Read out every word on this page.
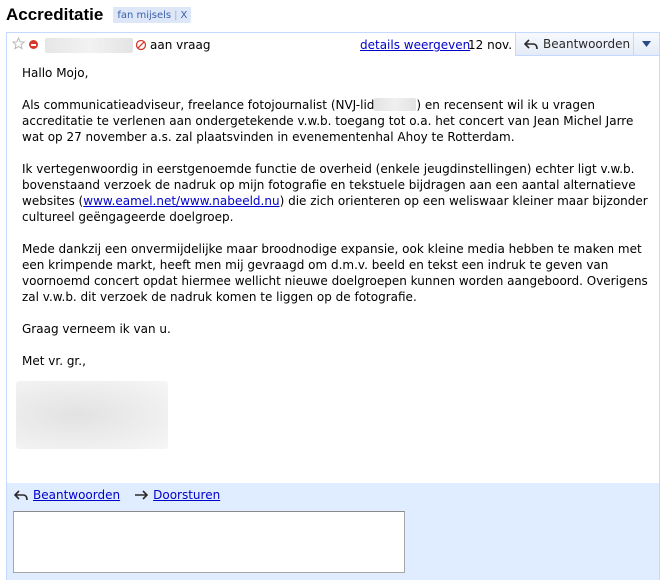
Accreditatie fan mijsels | X
aan vraag	details weergeven
12 nov.	Beantwoorden

Hallo Mojo,

Als communicatieadviseur, freelance fotojournalist (NVJ-lid	) en recensent wil ik u vragen accreditatie te verlenen aan ondergetekende v.w.b. toegang tot o.a. het concert van Jean Michel Jarre wat op 27 november a.s. zal plaatsvinden in evenementenhal Ahoy te Rotterdam.

Ik vertegenwoordig in eerstgenoemde functie de overheid (enkele jeugdinstellingen) echter ligt v.w.b. bovenstaand verzoek de nadruk op mijn fotografie en tekstuele bijdragen aan een aantal alternatieve websites (www.eamel.net/www.nabeeld.nu) die zich orienteren op een weliswaar kleiner maar bijzonder cultureel geëngageerde doelgroep.

Mede dankzij een onvermijdelijke maar broodnodige expansie, ook kleine media hebben te maken met een krimpende markt, heeft men mij gevraagd om d.m.v. beeld en tekst een indruk te geven van voornoemd concert opdat hiermee wellicht nieuwe doelgroepen kunnen worden aangeboord. Overigens zal v.w.b. dit verzoek de nadruk komen te liggen op de fotografie.

Graag verneem ik van u.

Met vr. gr.,

Beantwoorden	Doorsturen
